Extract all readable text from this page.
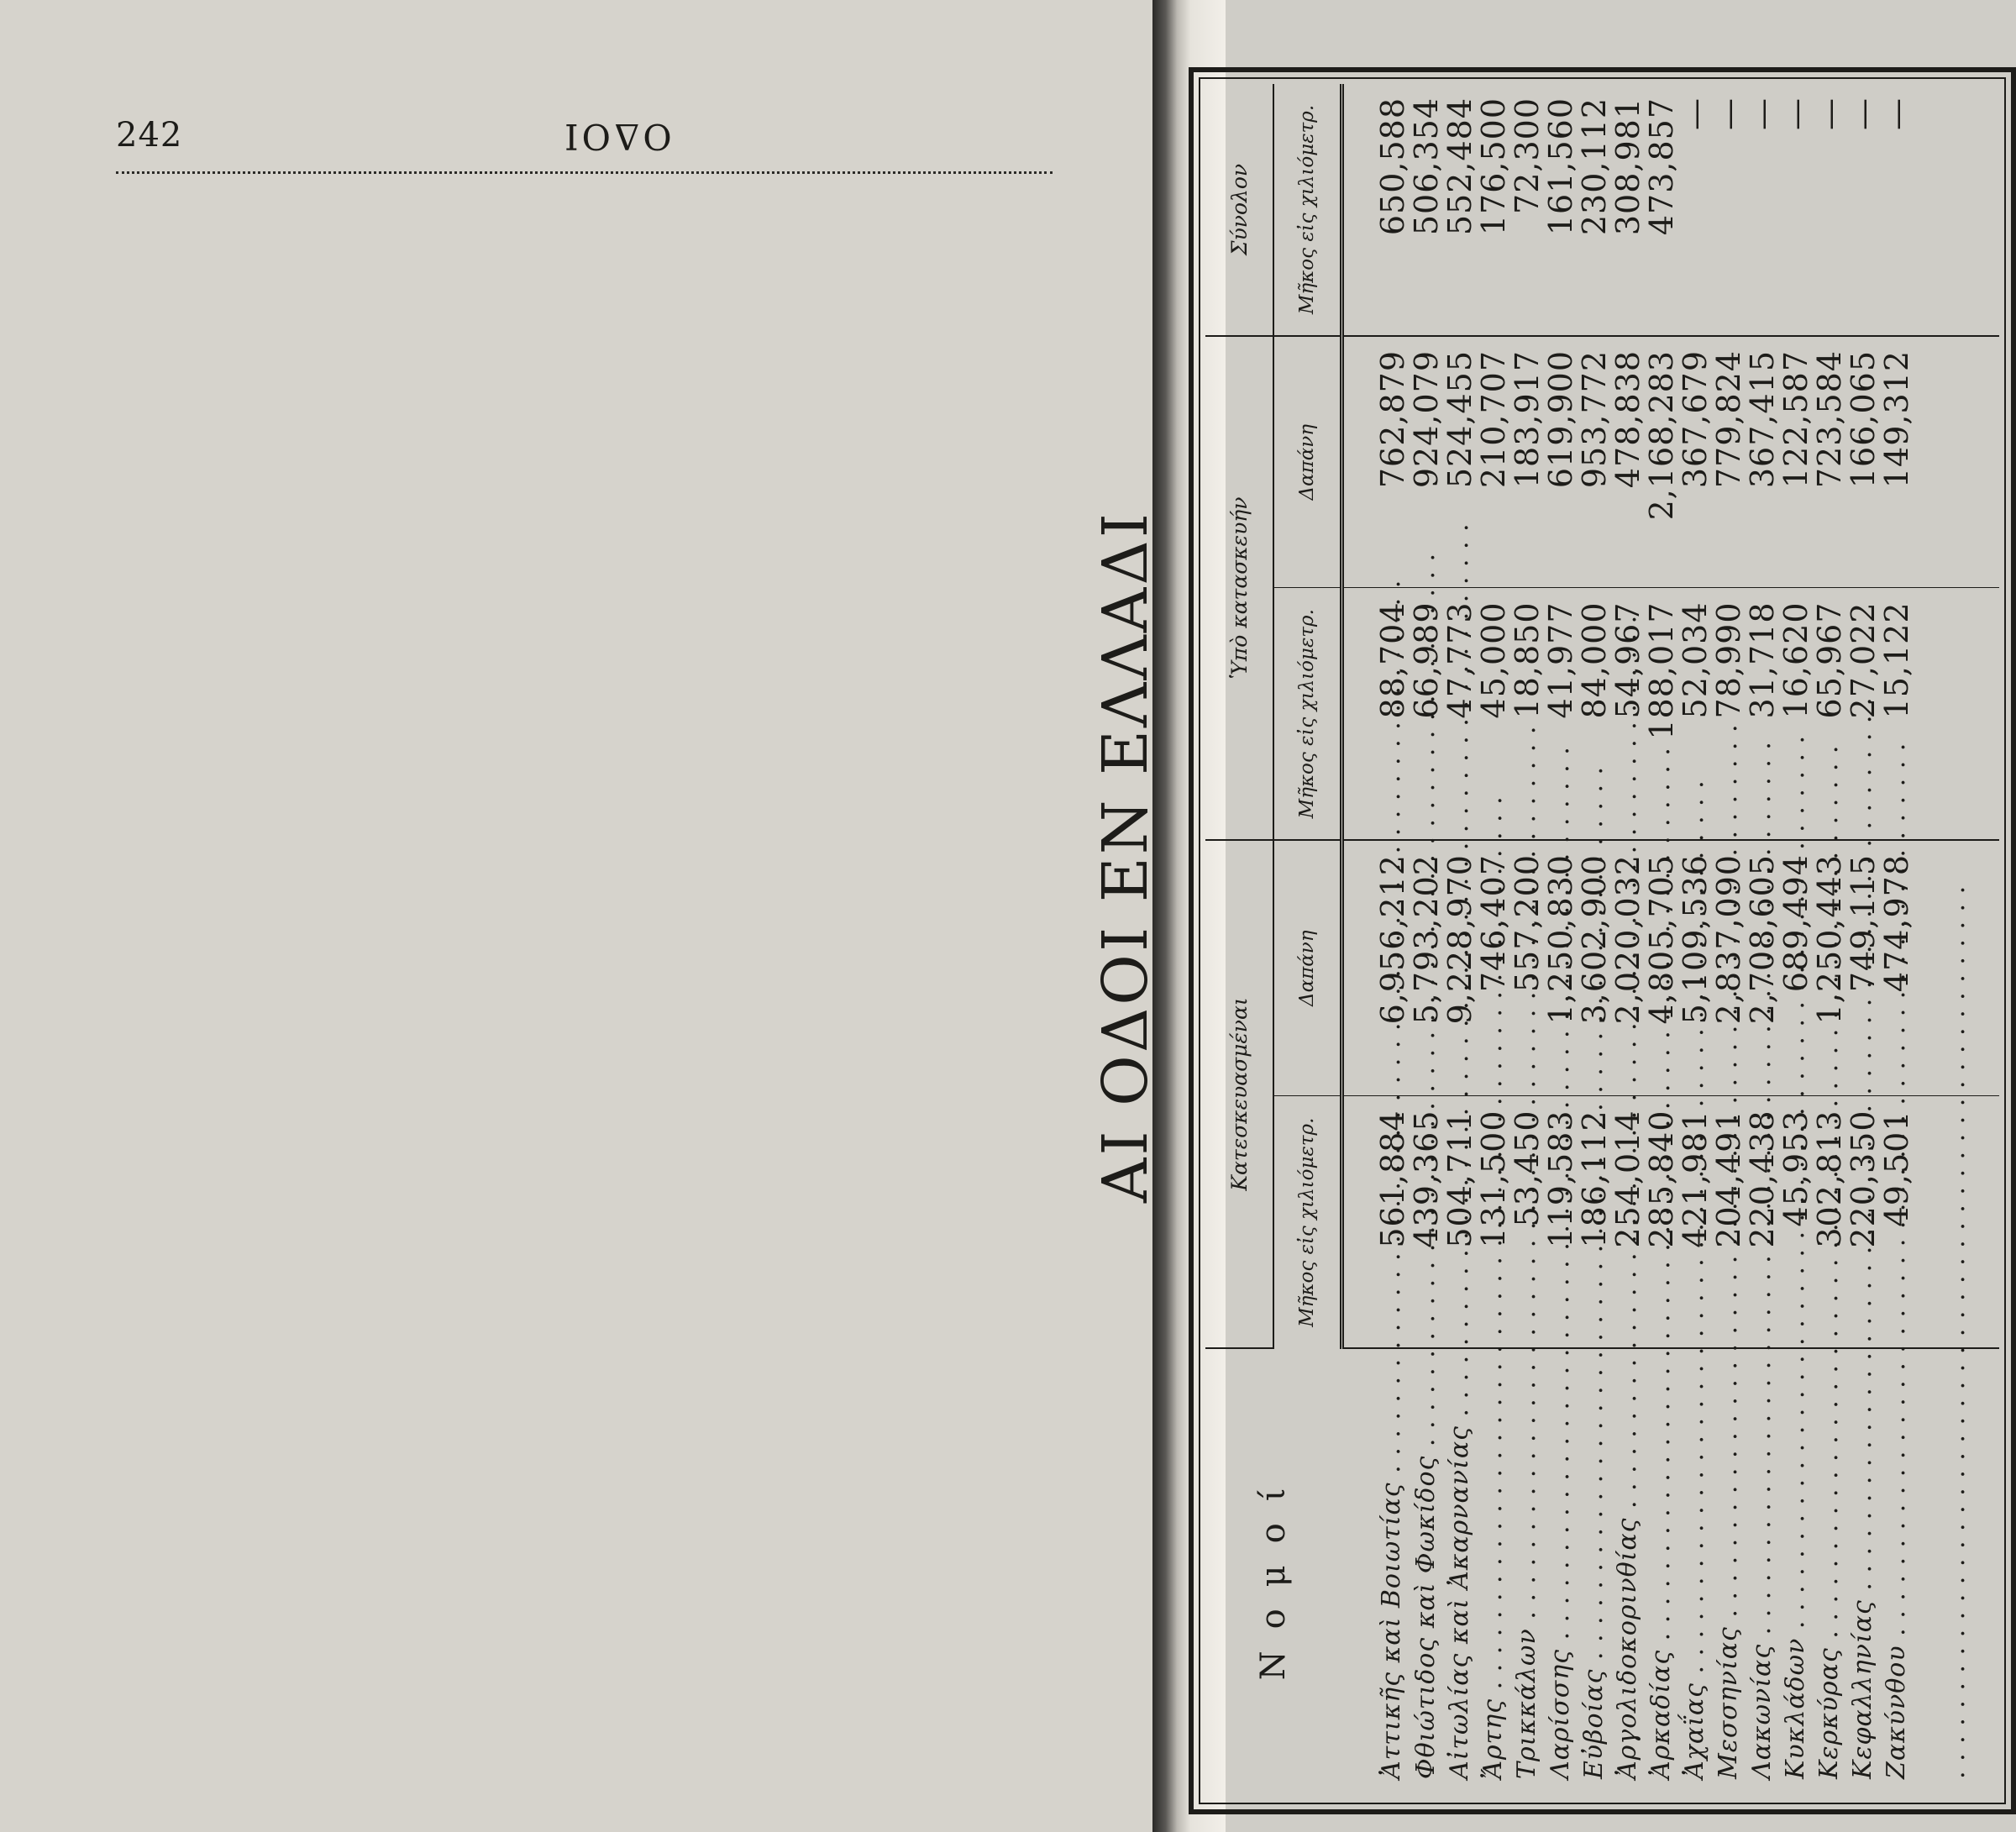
242	ΟΔΟΙ
ΑΙ ΟΔΟΙ ΕΝ ΕΛΛΑΔΙ
Νομοί	Κατεσκευασμέναι		Ὑπὸ κατασκευήν		Σύνολον
	Μῆκος εἰς χιλιόμετρ.	Δαπάνη	Μῆκος εἰς χιλιόμετρ.	Δαπάνη	Μῆκος εἰς χιλιόμετρ.
Ἀττικῆς καὶ Βοιωτίας . . .	561,884	6,956,212	88,704	762,879	650,588
Φθιώτιδος καὶ Φωκίδος . . .	439,365	5,793,202	66,989	924,079	506,354
Αἰτωλίας καὶ Ἀκαρνανίας . . .	504,711	9,228,970	47,773	524,455	552,484
Ἄρτης . . .	131,500	746,407	45,000	210,707	176,500
Τρικκάλων . . .	53,450	557,200	18,850	183,917	72,300
Λαρίσσης . . .	119,583	1,250,830	41,977	619,900	161,560
Εὐβοίας . . .	186,112	3,602,900	84,000	953,772	230,112
Ἀργολιδοκορινθίας . . .	254,014	2,020,032	54,967	478,838	308,981
Ἀρκαδίας . . .	285,840	4,805,705	188,017	2,168,283	473,857
Ἀχαΐας . . .	421,981	5,109,536	52,034	367,679	—
Μεσσηνίας . . .	204,491	2,837,090	78,990	779,824	—
Λακωνίας . . .	220,438	2,708,605	31,718	367,415	—
Κυκλάδων . . .	45,953	689,494	16,620	122,587	—
Κερκύρας . . .	302,813	1,250,443	65,967	723,584	—
Κεφαλληνίας . . .	220,350	749,115	27,022	166,065	—
Ζακύνθου . . .	49,501	474,978	15,122	149,312	—
. . .					
